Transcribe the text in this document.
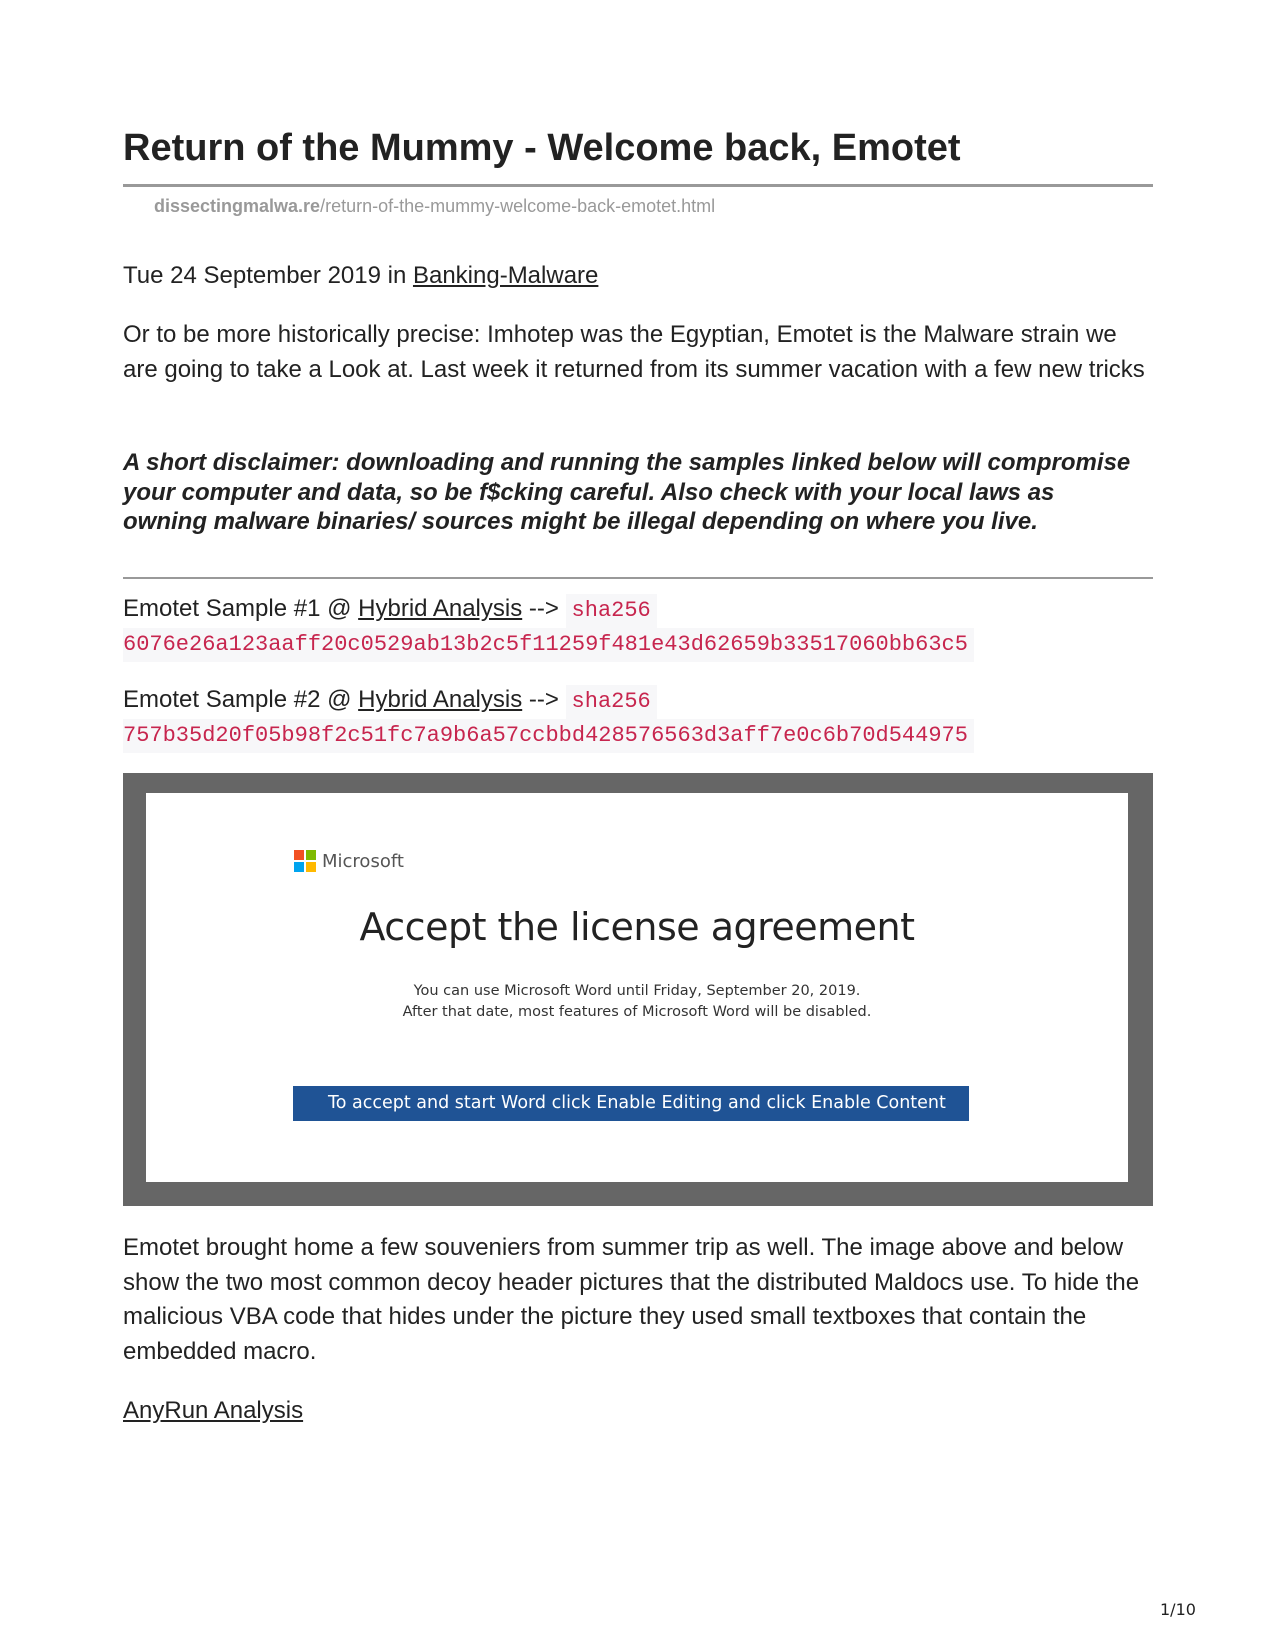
Return of the Mummy - Welcome back, Emotet
dissectingmalwa.re/return-of-the-mummy-welcome-back-emotet.html
Tue 24 September 2019 in Banking-Malware

Or to be more historically precise: Imhotep was the Egyptian, Emotet is the Malware strain we are going to take a Look at. Last week it returned from its summer vacation with a few new tricks

A short disclaimer: downloading and running the samples linked below will compromise your computer and data, so be f$cking careful. Also check with your local laws as owning malware binaries/ sources might be illegal depending on where you live.

Emotet Sample #1 @ Hybrid Analysis --> sha256
6076e26a123aaff20c0529ab13b2c5f11259f481e43d62659b33517060bb63c5
Emotet Sample #2 @ Hybrid Analysis --> sha256
757b35d20f05b98f2c51fc7a9b6a57ccbbd428576563d3aff7e0c6b70d544975
Microsoft
Accept the license agreement
You can use Microsoft Word until Friday, September 20, 2019.
After that date, most features of Microsoft Word will be disabled.
To accept and start Word click Enable Editing and click Enable Content

Emotet brought home a few souveniers from summer trip as well. The image above and below show the two most common decoy header pictures that the distributed Maldocs use. To hide the malicious VBA code that hides under the picture they used small textboxes that contain the embedded macro.

AnyRun Analysis
1/10
